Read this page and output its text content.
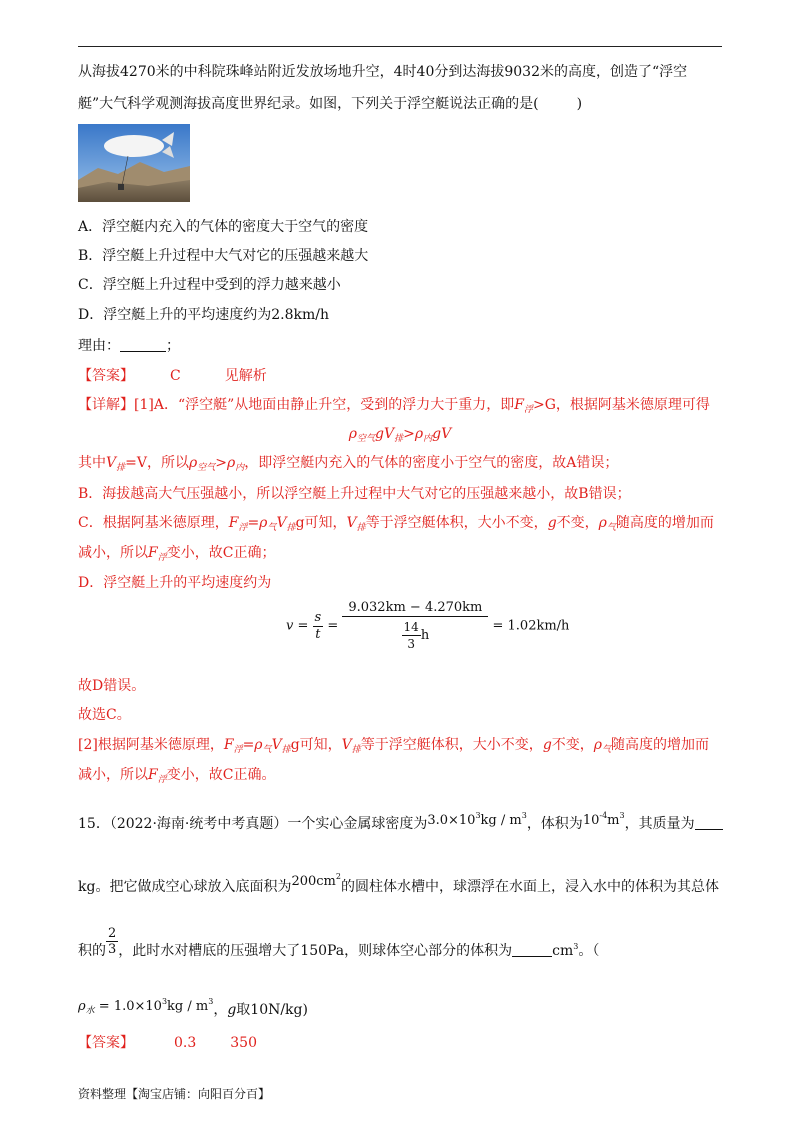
从海拔4270米的中科院珠峰站附近发放场地升空，4时40分到达海拔9032米的高度，创造了“浮空
艇”大气科学观测海拔高度世界纪录。如图，下列关于浮空艇说法正确的是(	)
A．浮空艇内充入的气体的密度大于空气的密度
B．浮空艇上升过程中大气对它的压强越来越大
C．浮空艇上升过程中受到的浮力越来越小
D．浮空艇上升的平均速度约为2.8km/h
理由：	；
【答案】	C	见解析
【详解】[1]A．“浮空艇”从地面由静止升空，受到的浮力大于重力，即$F_浮>G$，根据阿基米德原理可得
$\rho_{空气}gV_排>\rho_内gV$
其中$V_排=V$，所以$\rho_{空气}>\rho_内$，即浮空艇内充入的气体的密度小于空气的密度，故A错误；
B．海拔越高大气压强越小，所以浮空艇上升过程中大气对它的压强越来越小，故B错误；
C．根据阿基米德原理，$F_浮=\rho_气V_排g$可知，$V_排$等于浮空艇体积，大小不变，g不变，$\rho_气$随高度的增加而
减小，所以$F_浮$变小，故C正确；
D．浮空艇上升的平均速度约为
$v = \frac{s}{t} = \frac{9.032km - 4.270km}{\frac{14}{3} h} = 1.02km/h$
故D错误。
故选C。
[2]根据阿基米德原理，$F_浮=\rho_气V_排g$可知，$V_排$等于浮空艇体积，大小不变，g不变，$\rho_气$随高度的增加而
减小，所以$F_浮$变小，故C正确。
15．（2022·海南·统考中考真题）一个实心金属球密度为$3.0\times 10^3kg / m^3$，体积为$10^{-4}m^3$，其质量为
kg。把它做成空心球放入底面积为$200cm^2$的圆柱体水槽中，球漂浮在水面上，浸入水中的体积为其总体
积的 $\frac{2}{3}$ ，此时水对槽底的压强增大了150Pa，则球体空心部分的体积为	$cm^3$。（
$\rho_水 = 1.0\times 10^3kg / m^3$，g取10N/kg)
【答案】	0.3 350
资料整理【淘宝店铺：向阳百分百】
